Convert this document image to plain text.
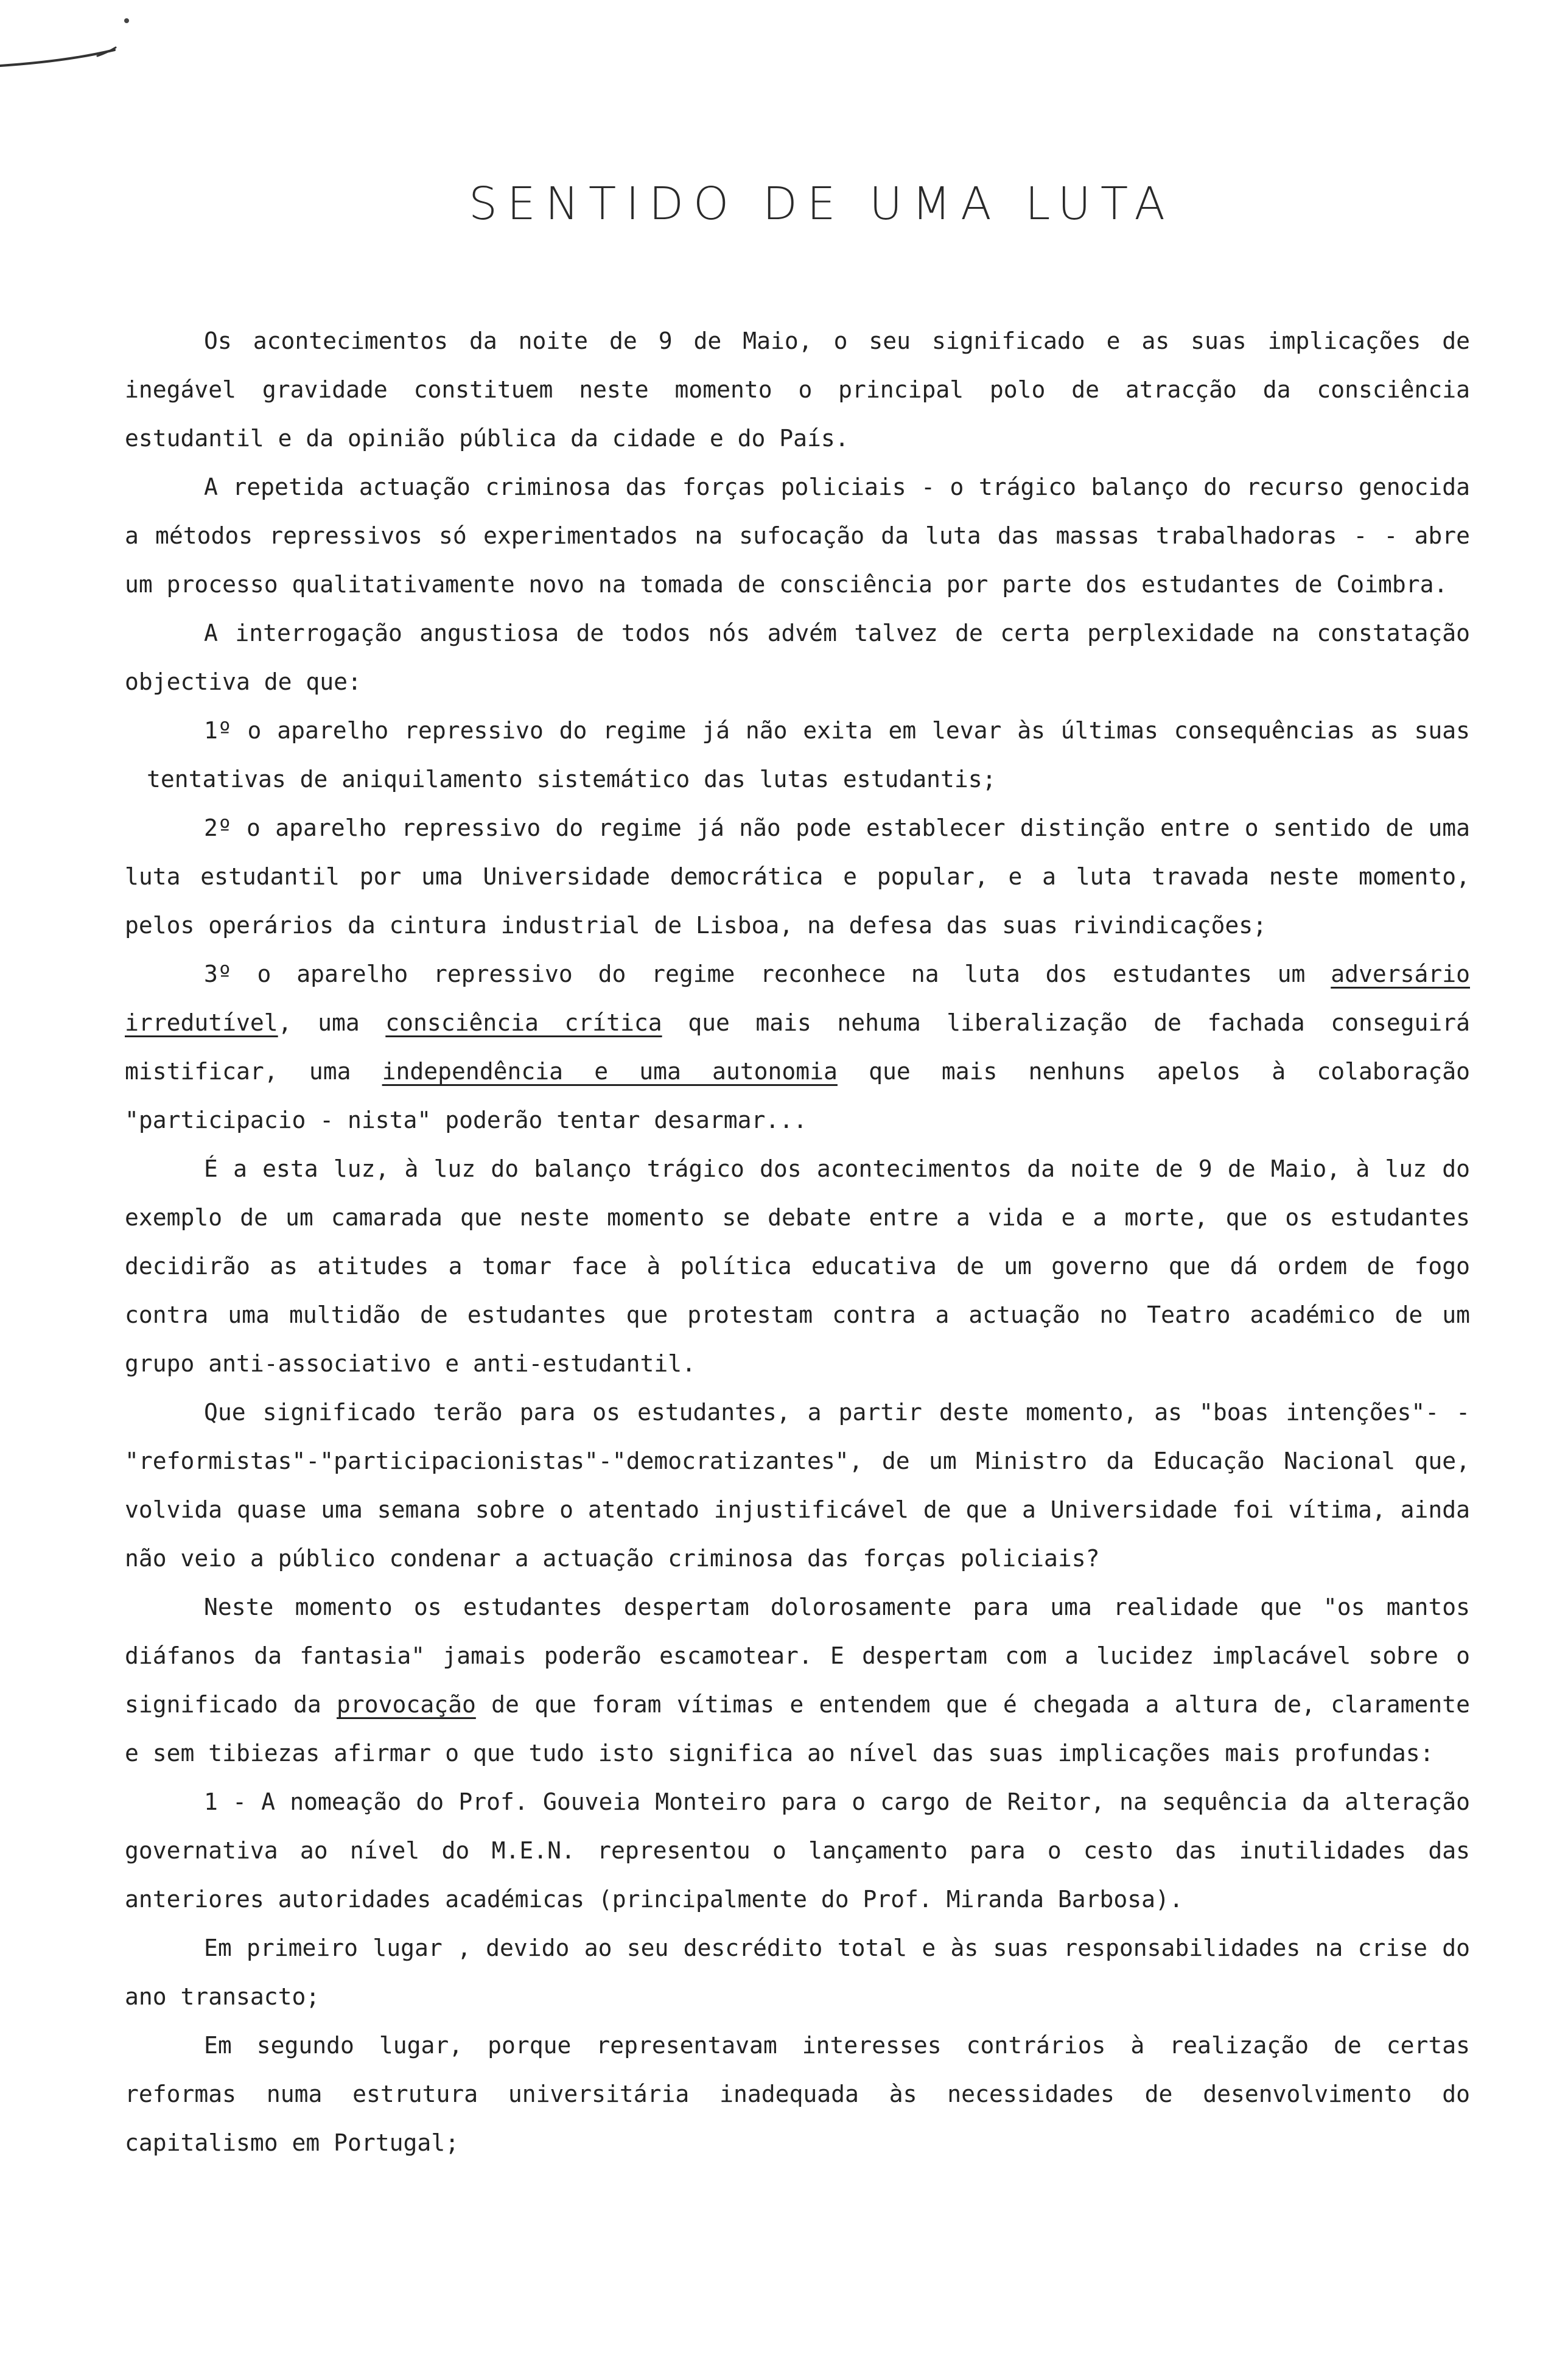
SENTIDO DE UMA LUTA

Os acontecimentos da noite de 9 de Maio, o seu significado e as suas implicações de inegável gravidade constituem neste momento o principal polo de atracção da consciência estudantil e da opinião pública da cidade e do País.

A repetida actuação criminosa das forças policiais - o trágico balanço do recurso genocida a métodos repressivos só experimentados na sufocação da luta das massas trabalhadoras - - abre um processo qualitativamente novo na tomada de consciência por parte dos estudantes de Coimbra.

A interrogação angustiosa de todos nós advém talvez de certa perplexidade na constatação objectiva de que:

1º o aparelho repressivo do regime já não exita em levar às últimas consequências as suas tentativas de aniquilamento sistemático das lutas estudantis;

2º o aparelho repressivo do regime já não pode establecer distinção entre o sentido de uma luta estudantil por uma Universidade democrática e popular, e a luta travada neste momento, pelos operários da cintura industrial de Lisboa, na defesa das suas rivindicações;

3º o aparelho repressivo do regime reconhece na luta dos estudantes um adversário irredutível, uma consciência crítica que mais nehuma liberalização de fachada conseguirá mistificar, uma independência e uma autonomia que mais nenhuns apelos à colaboração "participacio - nista" poderão tentar desarmar...

É a esta luz, à luz do balanço trágico dos acontecimentos da noite de 9 de Maio, à luz do exemplo de um camarada que neste momento se debate entre a vida e a morte, que os estudantes decidirão as atitudes a tomar face à política educativa de um governo que dá ordem de fogo contra uma multidão de estudantes que protestam contra a actuação no Teatro académico de um grupo anti-associativo e anti-estudantil.

Que significado terão para os estudantes, a partir deste momento, as "boas intenções"- - "reformistas"-"participacionistas"-"democratizantes", de um Ministro da Educação Nacional que, volvida quase uma semana sobre o atentado injustificável de que a Universidade foi vítima, ainda não veio a público condenar a actuação criminosa das forças policiais?

Neste momento os estudantes despertam dolorosamente para uma realidade que "os mantos diáfanos da fantasia" jamais poderão escamotear. E despertam com a lucidez implacável sobre o significado da provocação de que foram vítimas e entendem que é chegada a altura de, claramente e sem tibiezas afirmar o que tudo isto significa ao nível das suas implicações mais profundas:

1 - A nomeação do Prof. Gouveia Monteiro para o cargo de Reitor, na sequência da alteração governativa ao nível do M.E.N. representou o lançamento para o cesto das inutilidades das anteriores autoridades académicas (principalmente do Prof. Miranda Barbosa).

Em primeiro lugar , devido ao seu descrédito total e às suas responsabilidades na crise do ano transacto;

Em segundo lugar, porque representavam interesses contrários à realização de certas reformas numa estrutura universitária inadequada às necessidades de desenvolvimento do capitalismo em Portugal;
